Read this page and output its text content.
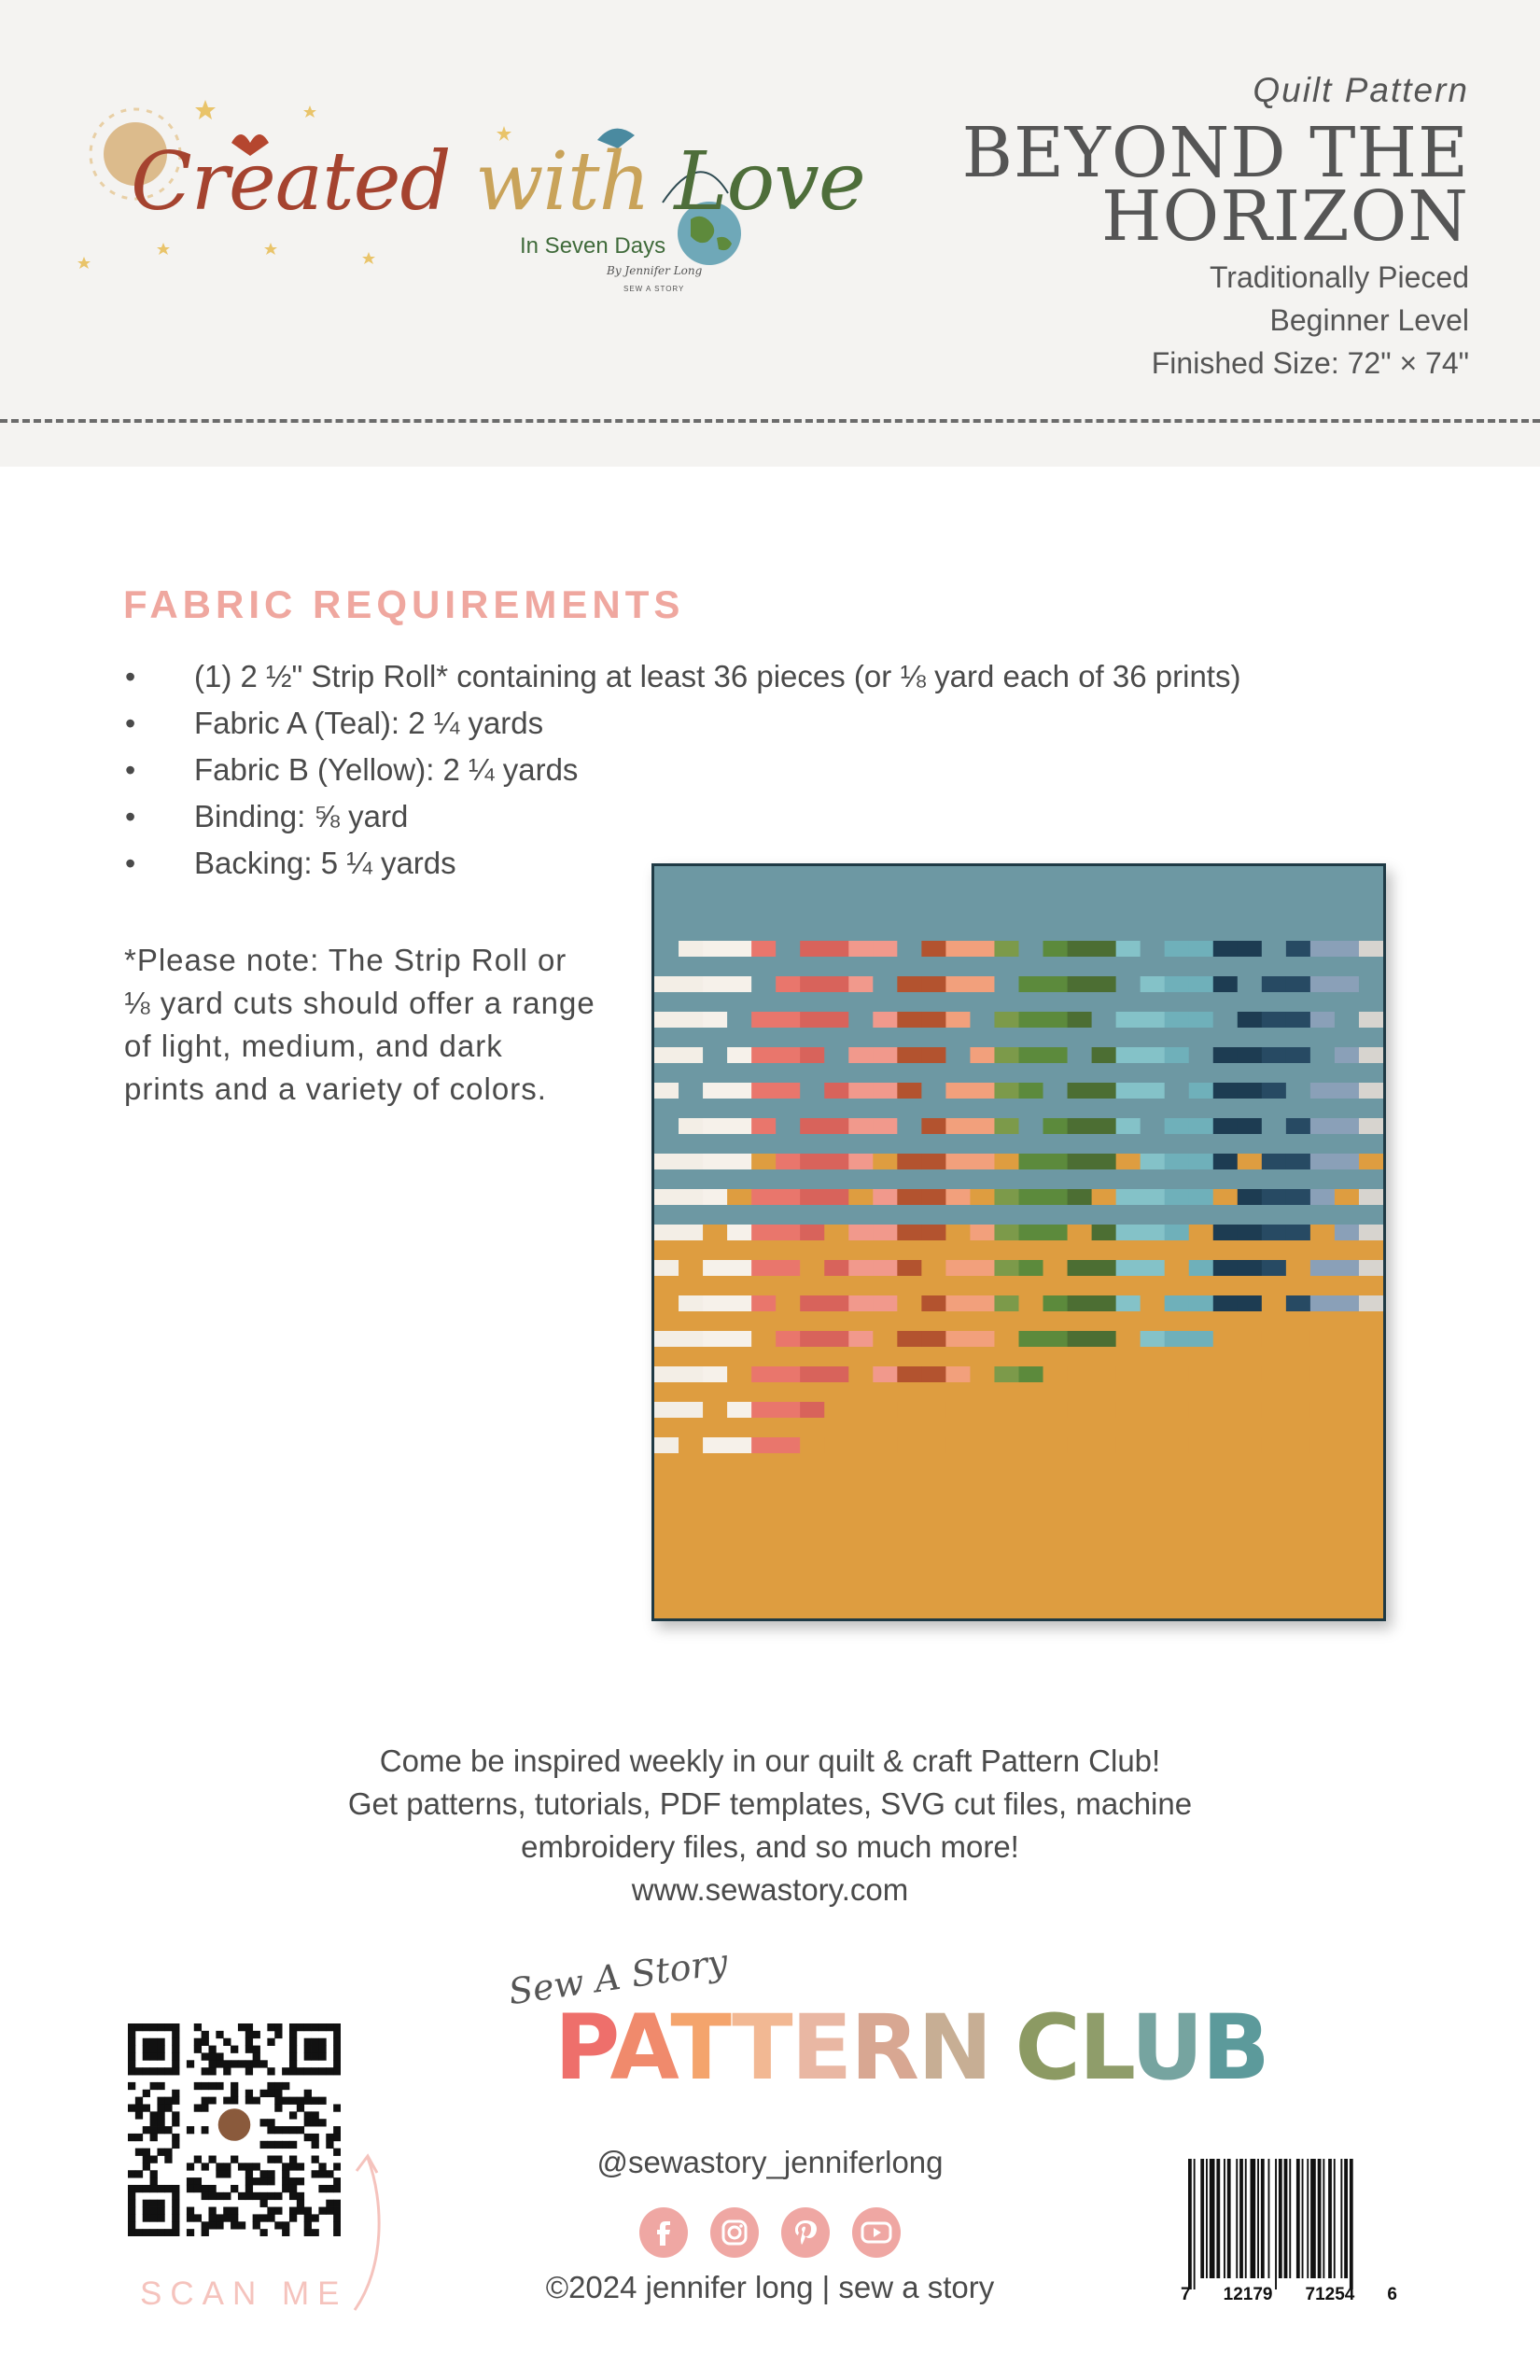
Created with Love
In Seven Days
By Jennifer Long
SEW A STORY
Quilt Pattern
BEYOND THE
HORIZON
Traditionally Pieced
Beginner Level
Finished Size: 72" × 74"
FABRIC REQUIREMENTS
• (1) 2 ½" Strip Roll* containing at least 36 pieces (or ⅛ yard each of 36 prints)
• Fabric A (Teal): 2 ¼ yards
• Fabric B (Yellow): 2 ¼ yards
• Binding: ⅝ yard
• Backing: 5 ¼ yards
*Please note: The Strip Roll or
⅛ yard cuts should offer a range
of light, medium, and dark
prints and a variety of colors.
Come be inspired weekly in our quilt & craft Pattern Club!
Get patterns, tutorials, PDF templates, SVG cut files, machine
embroidery files, and so much more!
www.sewastory.com
Sew A Story
PATTERN CLUB
@sewastory_jenniferlong
©2024 jennifer long | sew a story
SCAN ME	7 12179 71254 6
